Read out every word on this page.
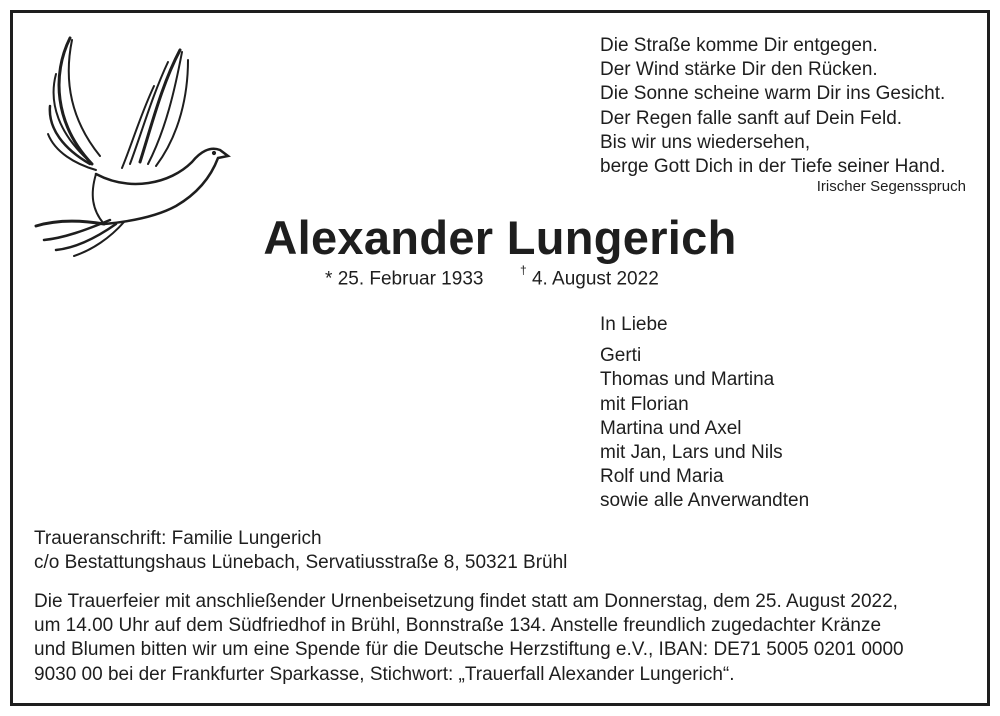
Die Straße komme Dir entgegen.
Der Wind stärke Dir den Rücken.
Die Sonne scheine warm Dir ins Gesicht.
Der Regen falle sanft auf Dein Feld.
Bis wir uns wiedersehen,
berge Gott Dich in der Tiefe seiner Hand.
Irischer Segensspruch
Alexander Lungerich
* 25. Februar 1933	† 4. August 2022
In Liebe
Gerti
Thomas und Martina
mit Florian
Martina und Axel
mit Jan, Lars und Nils
Rolf und Maria
sowie alle Anverwandten
Traueranschrift: Familie Lungerich
c/o Bestattungshaus Lünebach, Servatiusstraße 8, 50321 Brühl
Die Trauerfeier mit anschließender Urnenbeisetzung findet statt am Donnerstag, dem 25. August 2022,
um 14.00 Uhr auf dem Südfriedhof in Brühl, Bonnstraße 134. Anstelle freundlich zugedachter Kränze
und Blumen bitten wir um eine Spende für die Deutsche Herzstiftung e.V., IBAN: DE71 5005 0201 0000
9030 00 bei der Frankfurter Sparkasse, Stichwort: „Trauerfall Alexander Lungerich“.
